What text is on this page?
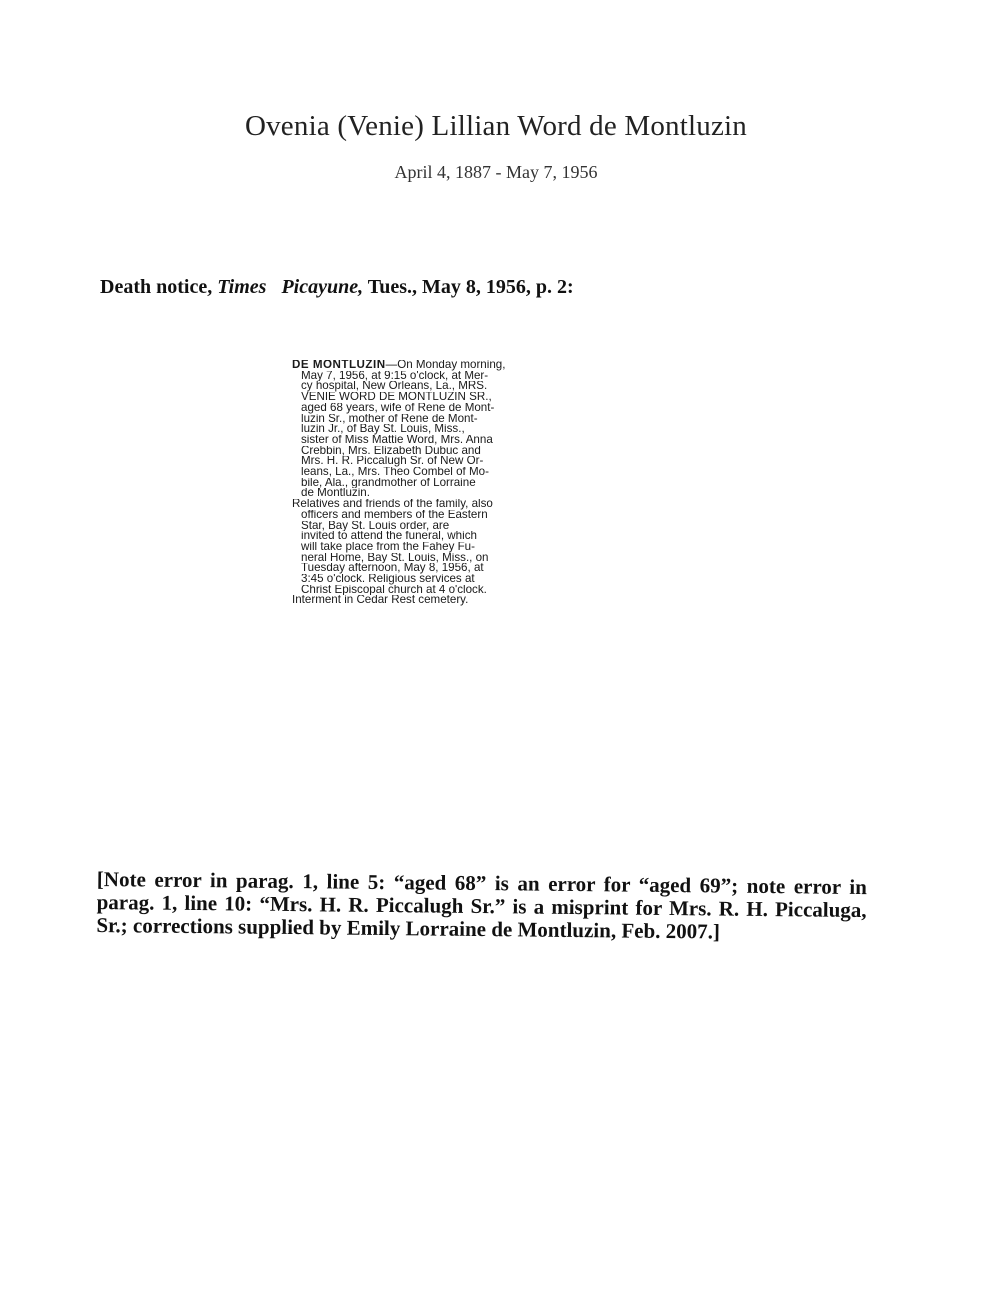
Ovenia (Venie) Lillian Word de Montluzin
April 4, 1887 - May 7, 1956
Death notice, Times Picayune, Tues., May 8, 1956, p. 2:

DE MONTLUZIN—On Monday morning,
May 7, 1956, at 9:15 o'clock, at Mer-
cy hospital, New Orleans, La., MRS.
VENIE WORD DE MONTLUZIN SR.,
aged 68 years, wife of Rene de Mont-
luzin Sr., mother of Rene de Mont-
luzin Jr., of Bay St. Louis, Miss.,
sister of Miss Mattie Word, Mrs. Anna
Crebbin, Mrs. Elizabeth Dubuc and
Mrs. H. R. Piccalugh Sr. of New Or-
leans, La., Mrs. Theo Combel of Mo-
bile, Ala., grandmother of Lorraine
de Montluzin.

Relatives and friends of the family, also
officers and members of the Eastern
Star, Bay St. Louis order, are
invited to attend the funeral, which
will take place from the Fahey Fu-
neral Home, Bay St. Louis, Miss., on
Tuesday afternoon, May 8, 1956, at
3:45 o'clock. Religious services at
Christ Episcopal church at 4 o'clock.
Interment in Cedar Rest cemetery.

[Note error in parag. 1, line 5: “aged 68” is an error for “aged 69”; note error in parag. 1, line 10: “Mrs. H. R. Piccalugh Sr.” is a misprint for Mrs. R. H. Piccaluga, Sr.; corrections supplied by Emily Lorraine de Montluzin, Feb. 2007.]
